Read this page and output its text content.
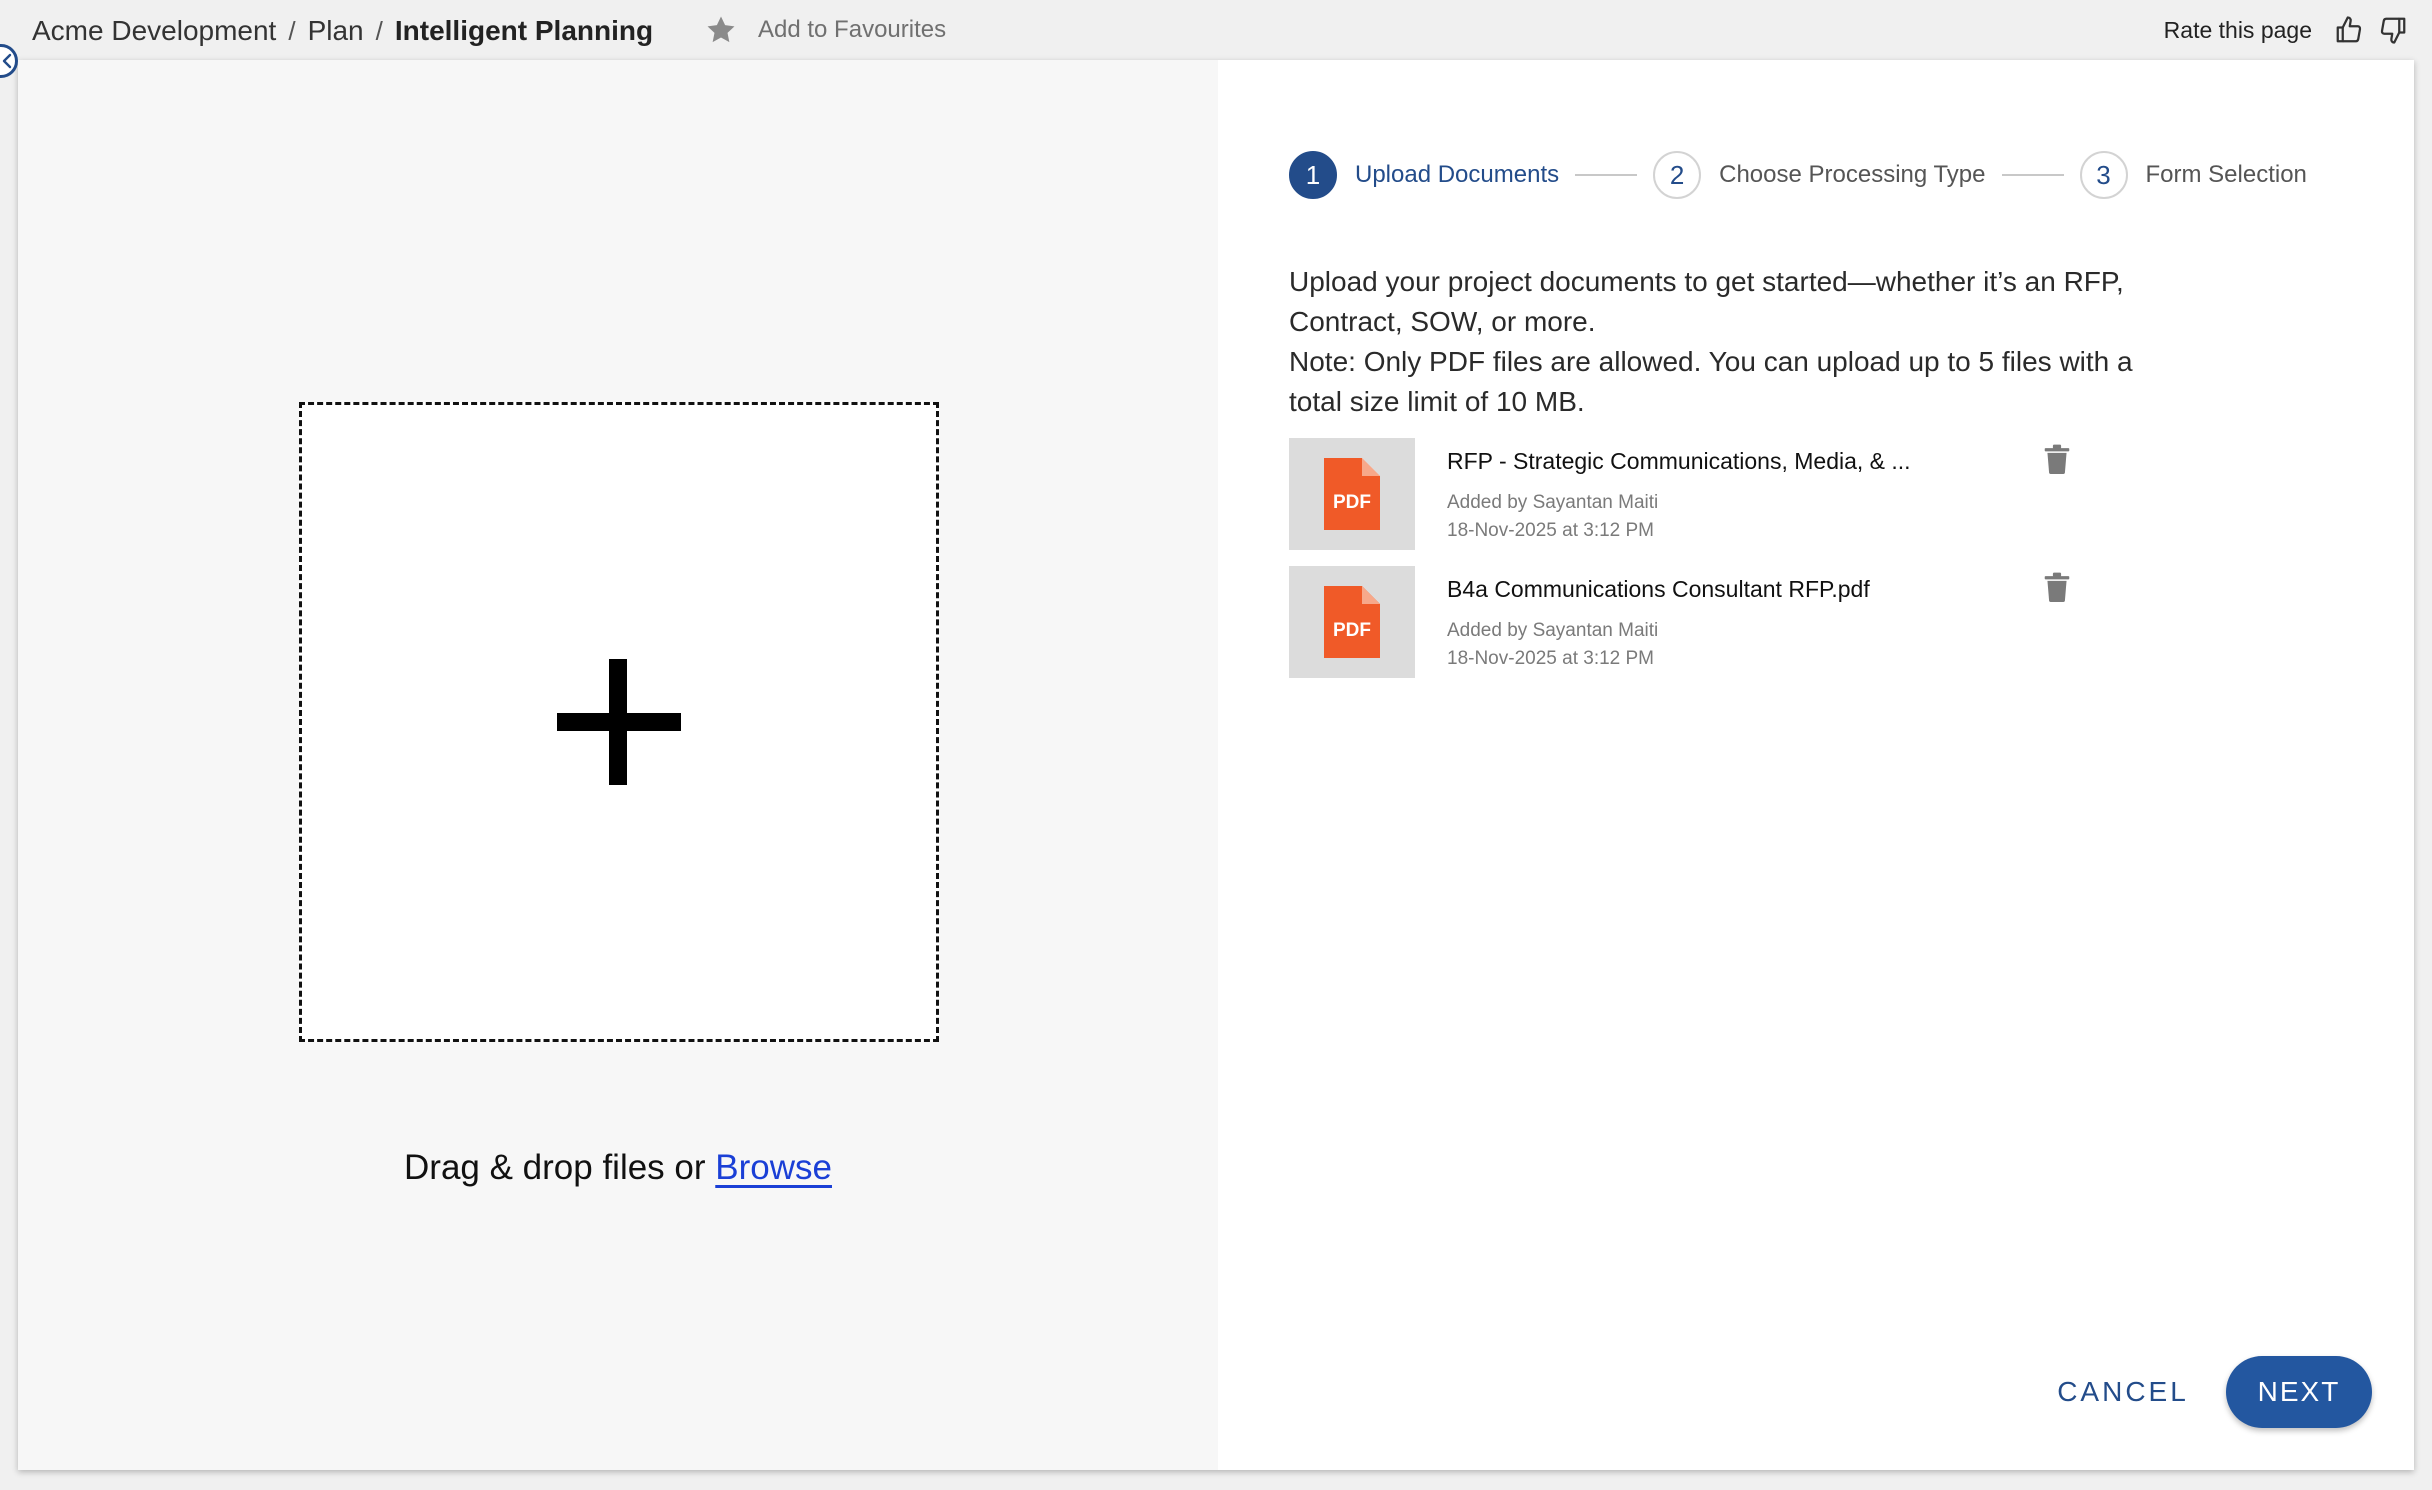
Acme Development / Plan / Intelligent Planning	Add to Favourites	Rate this page
Drag & drop files or Browse
1	Upload Documents	2	Choose Processing Type	3	Form Selection
Upload your project documents to get started—whether it’s an RFP, Contract, SOW, or more.
Note: Only PDF files are allowed. You can upload up to 5 files with a total size limit of 10 MB.
PDF
RFP - Strategic Communications, Media, & ...
Added by Sayantan Maiti
18-Nov-2025 at 3:12 PM
PDF
B4a Communications Consultant RFP.pdf
Added by Sayantan Maiti
18-Nov-2025 at 3:12 PM
CANCEL	NEXT
